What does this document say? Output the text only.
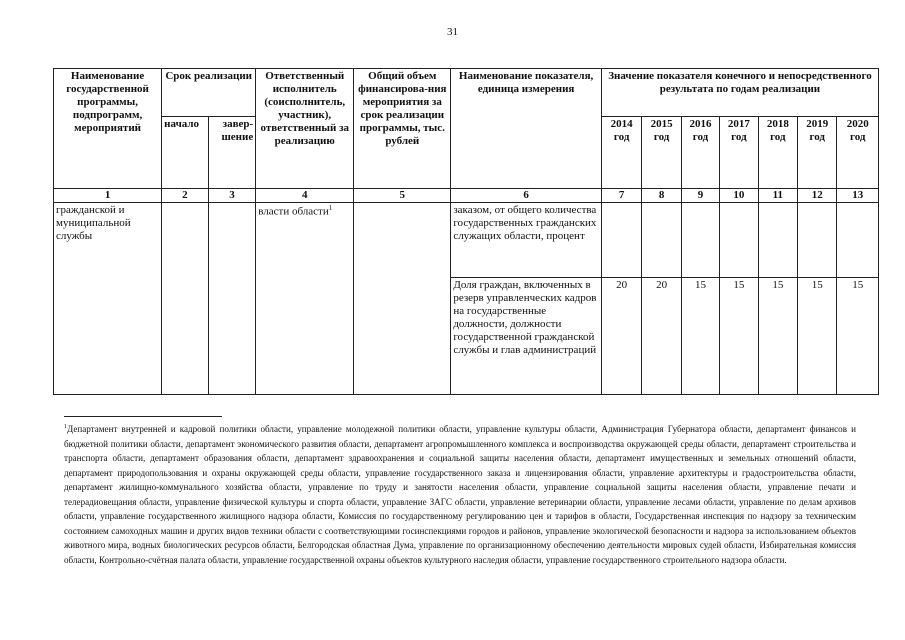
31
Наименование государственной программы, подпрограмм, мероприятий	Срок реализации		Ответственный исполнитель (соисполнитель, участник), ответственный за реализацию	Общий объем финансирова-ния мероприятия за срок реализации программы, тыс. рублей	Наименование показателя, единица измерения	Значение показателя конечного и непосредственного результата по годам реализации						
	начало	завер-шение				2014 год	2015 год	2016 год	2017 год	2018 год	2019 год	2020 год
1	2	3	4	5	6	7	8	9	10	11	12	13
гражданской и муниципальной службы			власти области$^1$		заказом, от общего количества государственных гражданских служащих области, процент							
					Доля граждан, включенных в резерв управленческих кадров на государственные должности, должности государственной гражданской службы и глав администраций	20	20	15	15	15	15	15
$^1$Департамент внутренней и кадровой политики области, управление молодежной политики области, управление культуры области, Администрация Губернатора области, департамент финансов и бюджетной политики области, департамент экономического развития области, департамент агропромышленного комплекса и воспроизводства окружающей среды области, департамент строительства и транспорта области, департамент образования области, департамент здравоохранения и социальной защиты населения области, департамент имущественных и земельных отношений области, департамент природопользования и охраны окружающей среды области, управление государственного заказа и лицензирования области, управление архитектуры и градостроительства области, департамент жилищно-коммунального хозяйства области, управление по труду и занятости населения области, управление социальной защиты населения области, управление печати и телерадиовещания области, управление физической культуры и спорта области, управление ЗАГС области, управление ветеринарии области, управление лесами области, управление по делам архивов области, управление государственного жилищного надзора области, Комиссия по государственному регулированию цен и тарифов в области, Государственная инспекция по надзору за техническим состоянием самоходных машин и других видов техники области с соответствующими госинспекциями городов и районов, управление экологической безопасности и надзора за использованием объектов животного мира, водных биологических ресурсов области, Белгородская областная Дума, управление по организационному обеспечению деятельности мировых судей области, Избирательная комиссия области, Контрольно-счётная палата области, управление государственной охраны объектов культурного наследия области, управление государственного строительного надзора области.
